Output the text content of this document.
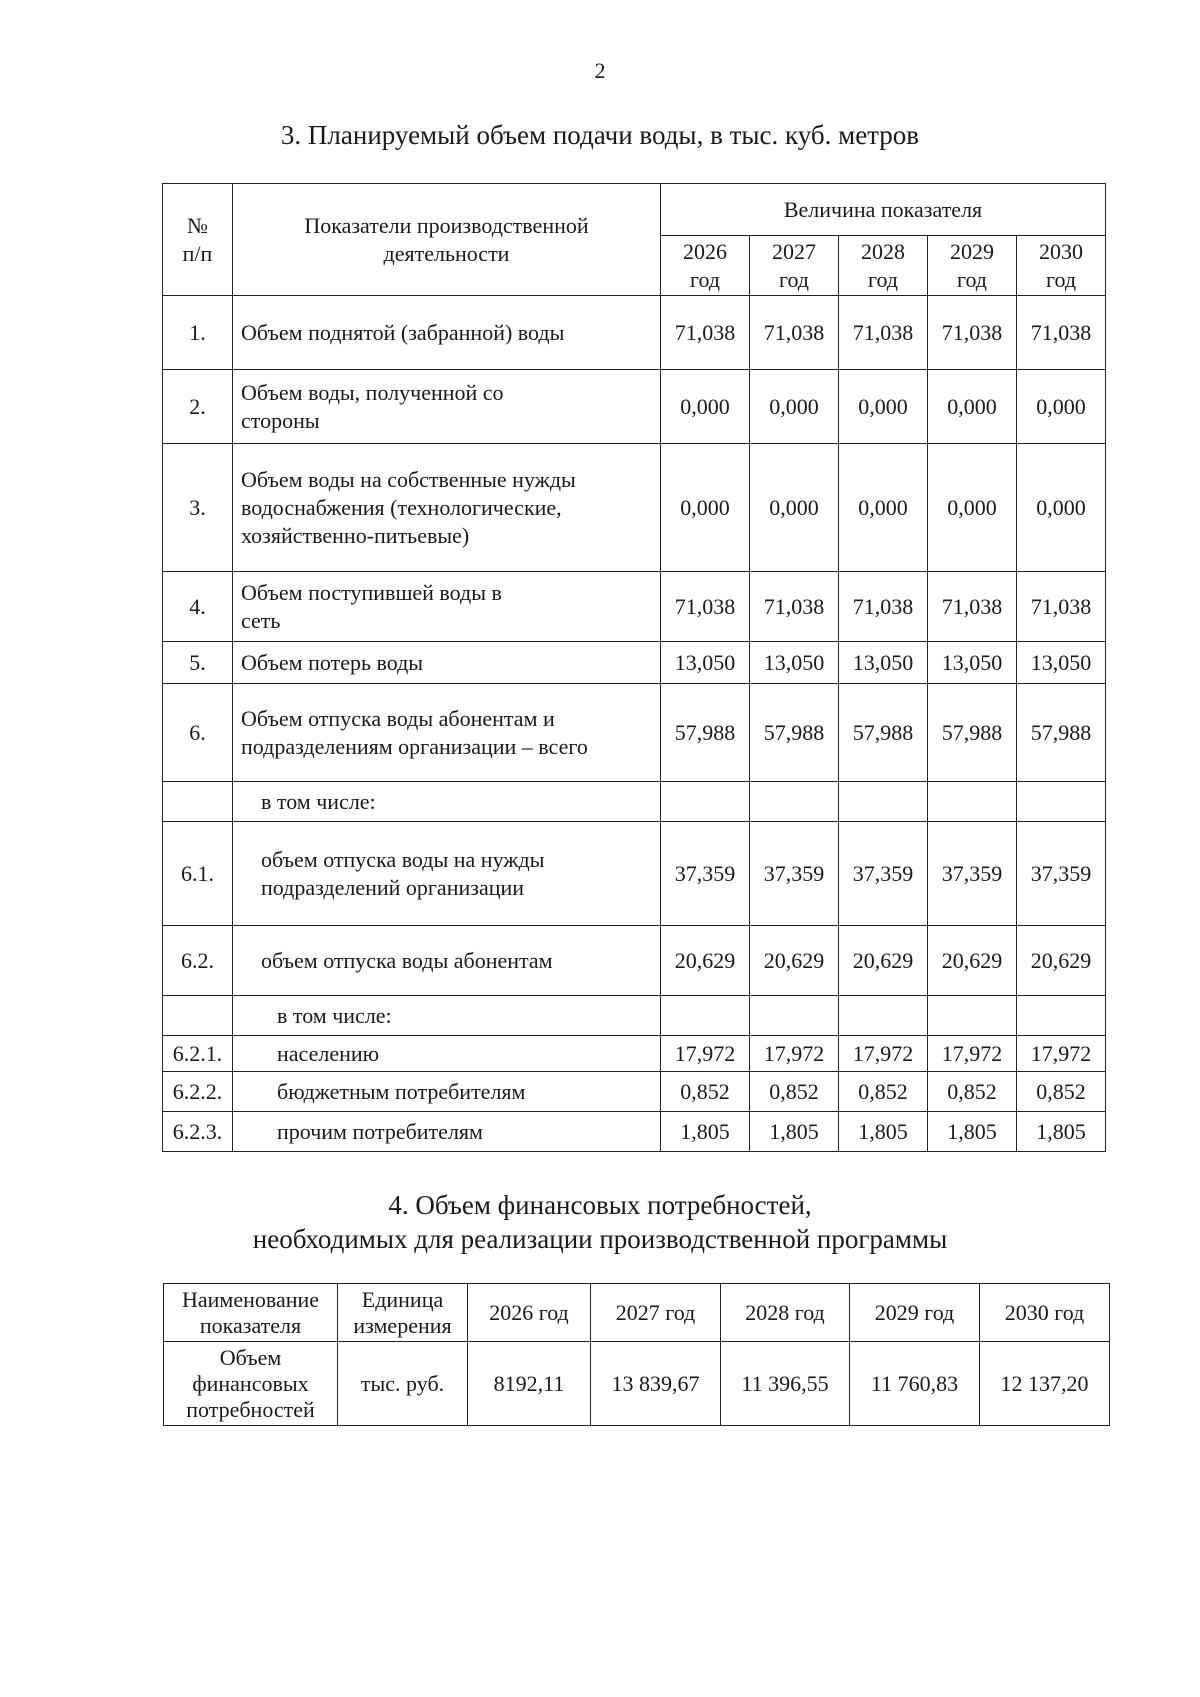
2
3. Планируемый объем подачи воды, в тыс. куб. метров
№ п/п	Показатели производственной деятельности	Величина показателя				
		2026 год	2027 год	2028 год	2029 год	2030 год
1.	Объем поднятой (забранной) воды	71,038	71,038	71,038	71,038	71,038
2.	Объем воды, полученной со стороны	0,000	0,000	0,000	0,000	0,000
3.	Объем воды на собственные нужды водоснабжения (технологические, хозяйственно-питьевые)	0,000	0,000	0,000	0,000	0,000
4.	Объем поступившей воды в сеть	71,038	71,038	71,038	71,038	71,038
5.	Объем потерь воды	13,050	13,050	13,050	13,050	13,050
6.	Объем отпуска воды абонентам и подразделениям организации – всего	57,988	57,988	57,988	57,988	57,988

	в том числе:					

6.1.	объем отпуска воды на нужды подразделений организации	37,359	37,359	37,359	37,359	37,359
6.2.	объем отпуска воды абонентам	20,629	20,629	20,629	20,629	20,629

	в том числе:					

6.2.1.	населению	17,972	17,972	17,972	17,972	17,972
6.2.2.	бюджетным потребителям	0,852	0,852	0,852	0,852	0,852
6.2.3.	прочим потребителям	1,805	1,805	1,805	1,805	1,805
4. Объем финансовых потребностей,
необходимых для реализации производственной программы
Наименование показателя	Единица измерения	2026 год	2027 год	2028 год	2029 год	2030 год
Объем финансовых потребностей	тыс. руб.	8192,11	13 839,67	11 396,55	11 760,83	12 137,20
